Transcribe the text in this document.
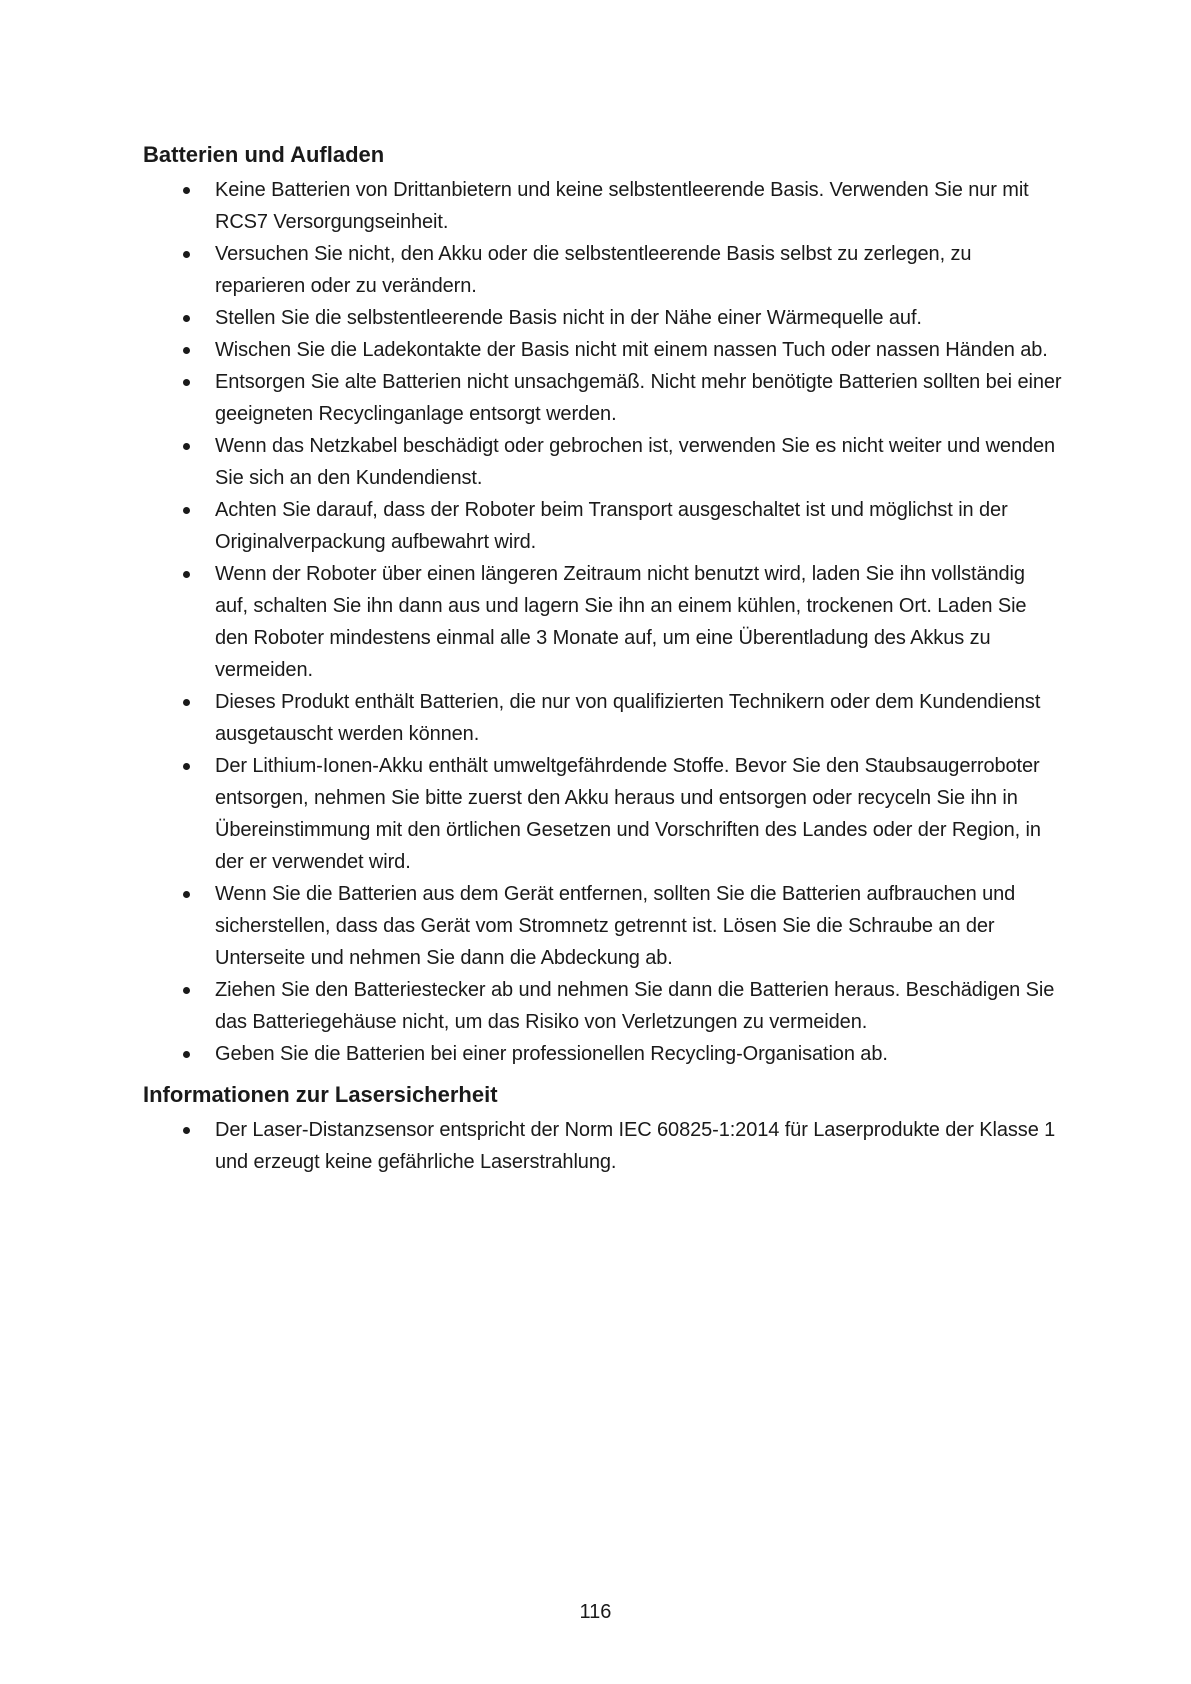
Batterien und Aufladen
Keine Batterien von Drittanbietern und keine selbstentleerende Basis. Verwenden Sie nur mit RCS7 Versorgungseinheit.
Versuchen Sie nicht, den Akku oder die selbstentleerende Basis selbst zu zerlegen, zu reparieren oder zu verändern.
Stellen Sie die selbstentleerende Basis nicht in der Nähe einer Wärmequelle auf.
Wischen Sie die Ladekontakte der Basis nicht mit einem nassen Tuch oder nassen Händen ab.
Entsorgen Sie alte Batterien nicht unsachgemäß. Nicht mehr benötigte Batterien sollten bei einer geeigneten Recyclinganlage entsorgt werden.
Wenn das Netzkabel beschädigt oder gebrochen ist, verwenden Sie es nicht weiter und wenden Sie sich an den Kundendienst.
Achten Sie darauf, dass der Roboter beim Transport ausgeschaltet ist und möglichst in der Originalverpackung aufbewahrt wird.
Wenn der Roboter über einen längeren Zeitraum nicht benutzt wird, laden Sie ihn vollständig auf, schalten Sie ihn dann aus und lagern Sie ihn an einem kühlen, trockenen Ort. Laden Sie den Roboter mindestens einmal alle 3 Monate auf, um eine Überentladung des Akkus zu vermeiden.
Dieses Produkt enthält Batterien, die nur von qualifizierten Technikern oder dem Kundendienst ausgetauscht werden können.
Der Lithium-Ionen-Akku enthält umweltgefährdende Stoffe. Bevor Sie den Staubsaugerroboter entsorgen, nehmen Sie bitte zuerst den Akku heraus und entsorgen oder recyceln Sie ihn in Übereinstimmung mit den örtlichen Gesetzen und Vorschriften des Landes oder der Region, in der er verwendet wird.
Wenn Sie die Batterien aus dem Gerät entfernen, sollten Sie die Batterien aufbrauchen und sicherstellen, dass das Gerät vom Stromnetz getrennt ist. Lösen Sie die Schraube an der Unterseite und nehmen Sie dann die Abdeckung ab.
Ziehen Sie den Batteriestecker ab und nehmen Sie dann die Batterien heraus. Beschädigen Sie das Batteriegehäuse nicht, um das Risiko von Verletzungen zu vermeiden.
Geben Sie die Batterien bei einer professionellen Recycling-Organisation ab.
Informationen zur Lasersicherheit
Der Laser-Distanzsensor entspricht der Norm IEC 60825-1:2014 für Laserprodukte der Klasse 1 und erzeugt keine gefährliche Laserstrahlung.
116
